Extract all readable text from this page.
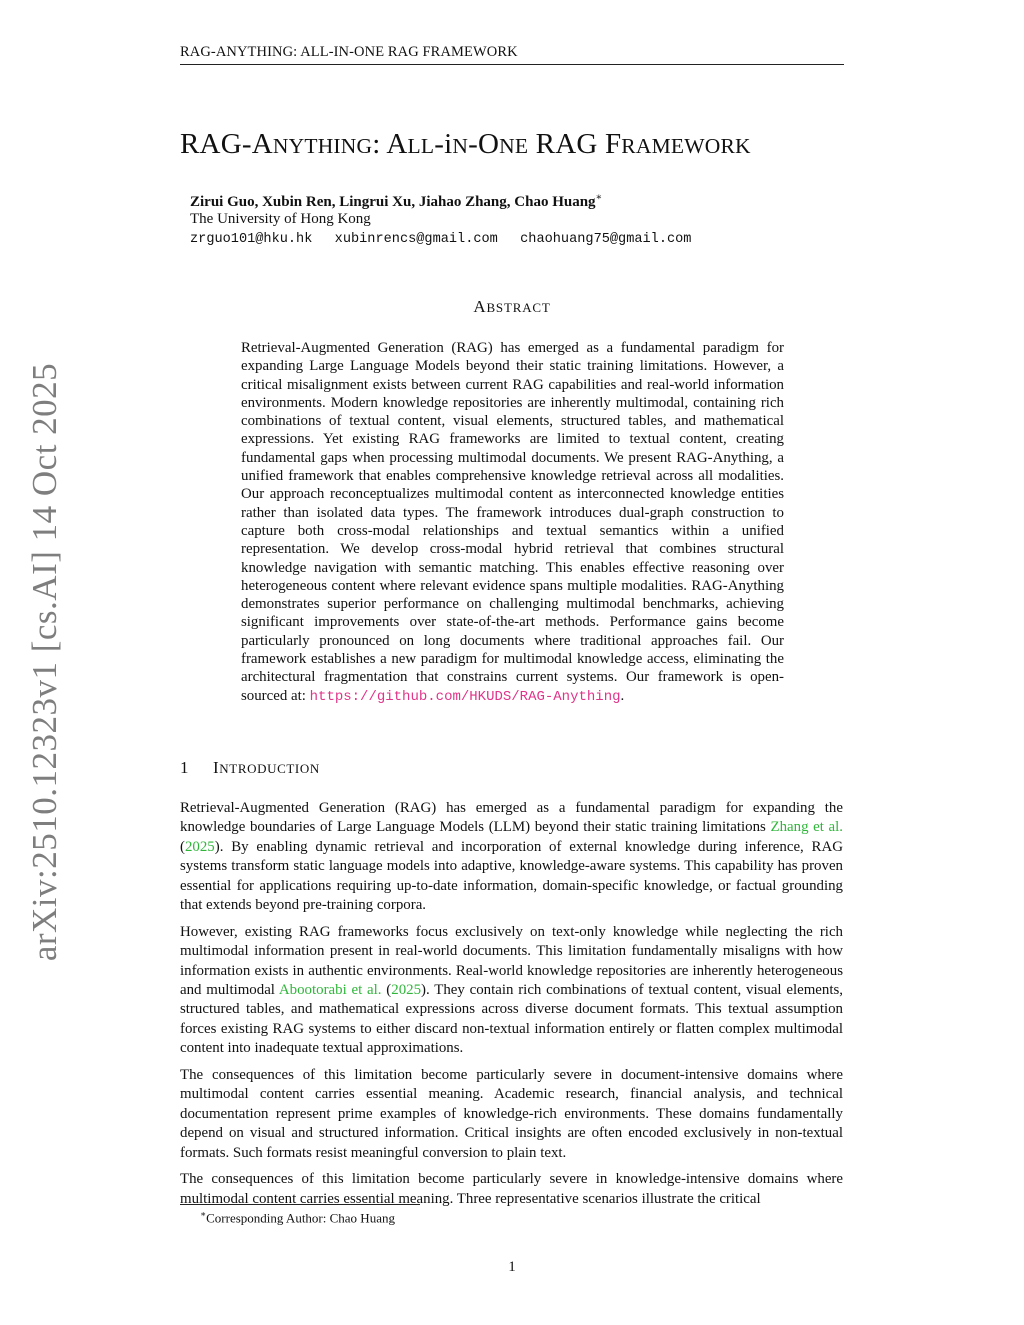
RAG-ANYTHING: ALL-IN-ONE RAG FRAMEWORK
RAG-ANYTHING: ALL-iN-ONE RAG FRAMEWORK
Zirui Guo, Xubin Ren, Lingrui Xu, Jiahao Zhang, Chao Huang∗
The University of Hong Kong
zrguo101@hku.hk  xubinrencs@gmail.com  chaohuang75@gmail.com
ABSTRACT
Retrieval-Augmented Generation (RAG) has emerged as a fundamental paradigm for expanding Large Language Models beyond their static training limitations. However, a critical misalignment exists between current RAG capabilities and real-world information environments. Modern knowledge repositories are inherently multimodal, containing rich combinations of textual content, visual elements, structured tables, and mathematical expressions. Yet existing RAG frameworks are limited to textual content, creating fundamental gaps when processing multimodal documents. We present RAG-Anything, a unified framework that enables comprehensive knowledge retrieval across all modalities. Our approach reconceptualizes multimodal content as interconnected knowledge entities rather than isolated data types. The framework introduces dual-graph construction to capture both cross-modal relationships and textual semantics within a unified representation. We develop cross-modal hybrid retrieval that combines structural knowledge navigation with semantic matching. This enables effective reasoning over heterogeneous content where relevant evidence spans multiple modalities. RAG-Anything demonstrates superior performance on challenging multimodal benchmarks, achieving significant improvements over state-of-the-art methods. Performance gains become particularly pronounced on long documents where traditional approaches fail. Our framework establishes a new paradigm for multimodal knowledge access, eliminating the architectural fragmentation that constrains current systems. Our framework is open-sourced at: https://github.com/HKUDS/RAG-Anything.
1 INTRODUCTION

Retrieval-Augmented Generation (RAG) has emerged as a fundamental paradigm for expanding the knowledge boundaries of Large Language Models (LLM) beyond their static training limitations Zhang et al. (2025). By enabling dynamic retrieval and incorporation of external knowledge during inference, RAG systems transform static language models into adaptive, knowledge-aware systems. This capability has proven essential for applications requiring up-to-date information, domain-specific knowledge, or factual grounding that extends beyond pre-training corpora.

However, existing RAG frameworks focus exclusively on text-only knowledge while neglecting the rich multimodal information present in real-world documents. This limitation fundamentally misaligns with how information exists in authentic environments. Real-world knowledge repositories are inherently heterogeneous and multimodal Abootorabi et al. (2025). They contain rich combinations of textual content, visual elements, structured tables, and mathematical expressions across diverse document formats. This textual assumption forces existing RAG systems to either discard non-textual information entirely or flatten complex multimodal content into inadequate textual approximations.

The consequences of this limitation become particularly severe in document-intensive domains where multimodal content carries essential meaning. Academic research, financial analysis, and technical documentation represent prime examples of knowledge-rich environments. These domains fundamentally depend on visual and structured information. Critical insights are often encoded exclusively in non-textual formats. Such formats resist meaningful conversion to plain text.

The consequences of this limitation become particularly severe in knowledge-intensive domains where multimodal content carries essential meaning. Three representative scenarios illustrate the critical

∗Corresponding Author: Chao Huang
1
arXiv:2510.12323v1 [cs.AI] 14 Oct 2025
